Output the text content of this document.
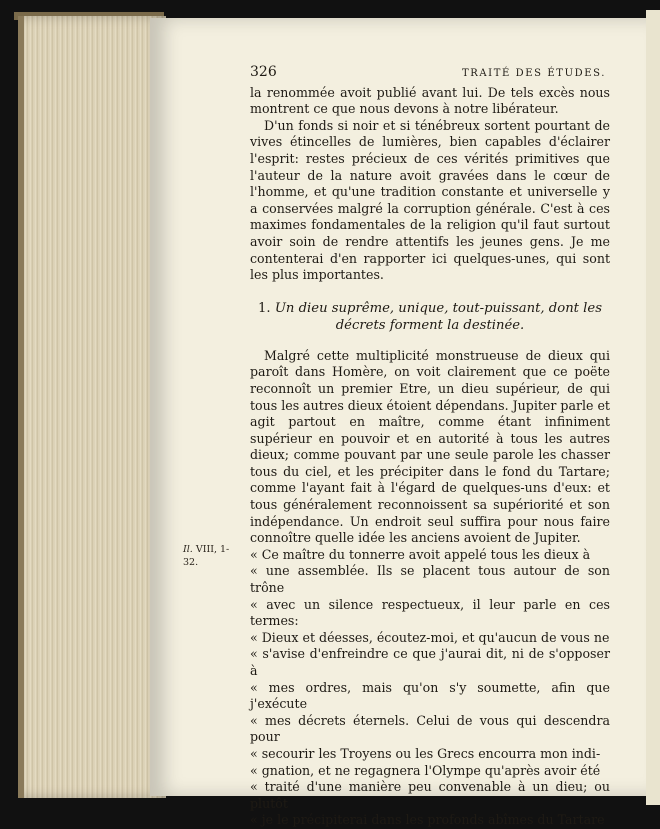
Il. VIII, 1-32.
326	TRAITÉ DES ÉTUDES.

la renommée avoit publié avant lui. De tels excès nous montrent ce que nous devons à notre libérateur.

D'un fonds si noir et si ténébreux sortent pourtant de vives étincelles de lumières, bien capables d'éclairer l'esprit: restes précieux de ces vérités primitives que l'auteur de la nature avoit gravées dans le cœur de l'homme, et qu'une tradition constante et universelle y a conservées malgré la corruption générale. C'est à ces maximes fondamentales de la religion qu'il faut surtout avoir soin de rendre attentifs les jeunes gens. Je me contenterai d'en rapporter ici quelques-unes, qui sont les plus importantes.

1. Un dieu suprême, unique, tout-puissant, dont les décrets forment la destinée.

Malgré cette multiplicité monstrueuse de dieux qui paroît dans Homère, on voit clairement que ce poëte reconnoît un premier Etre, un dieu supérieur, de qui tous les autres dieux étoient dépendans. Jupiter parle et agit partout en maître, comme étant infiniment supérieur en pouvoir et en autorité à tous les autres dieux; comme pouvant par une seule parole les chasser tous du ciel, et les précipiter dans le fond du Tartare; comme l'ayant fait à l'égard de quelques-uns d'eux: et tous généralement reconnoissent sa supériorité et son indépendance. Un endroit seul suffira pour nous faire connoître quelle idée les anciens avoient de Jupiter.

« Ce maître du tonnerre avoit appelé tous les dieux à

« une assemblée. Ils se placent tous autour de son trône

« avec un silence respectueux, il leur parle en ces termes:

« Dieux et déesses, écoutez-moi, et qu'aucun de vous ne

« s'avise d'enfreindre ce que j'aurai dit, ni de s'opposer à

« mes ordres, mais qu'on s'y soumette, afin que j'exécute

« mes décrets éternels. Celui de vous qui descendra pour

« secourir les Troyens ou les Grecs encourra mon indi-

« gnation, et ne regagnera l'Olympe qu'après avoir été

« traité d'une manière peu convenable à un dieu; ou plutôt

« je le précipiterai dans les profonds abîmes du Tartare
